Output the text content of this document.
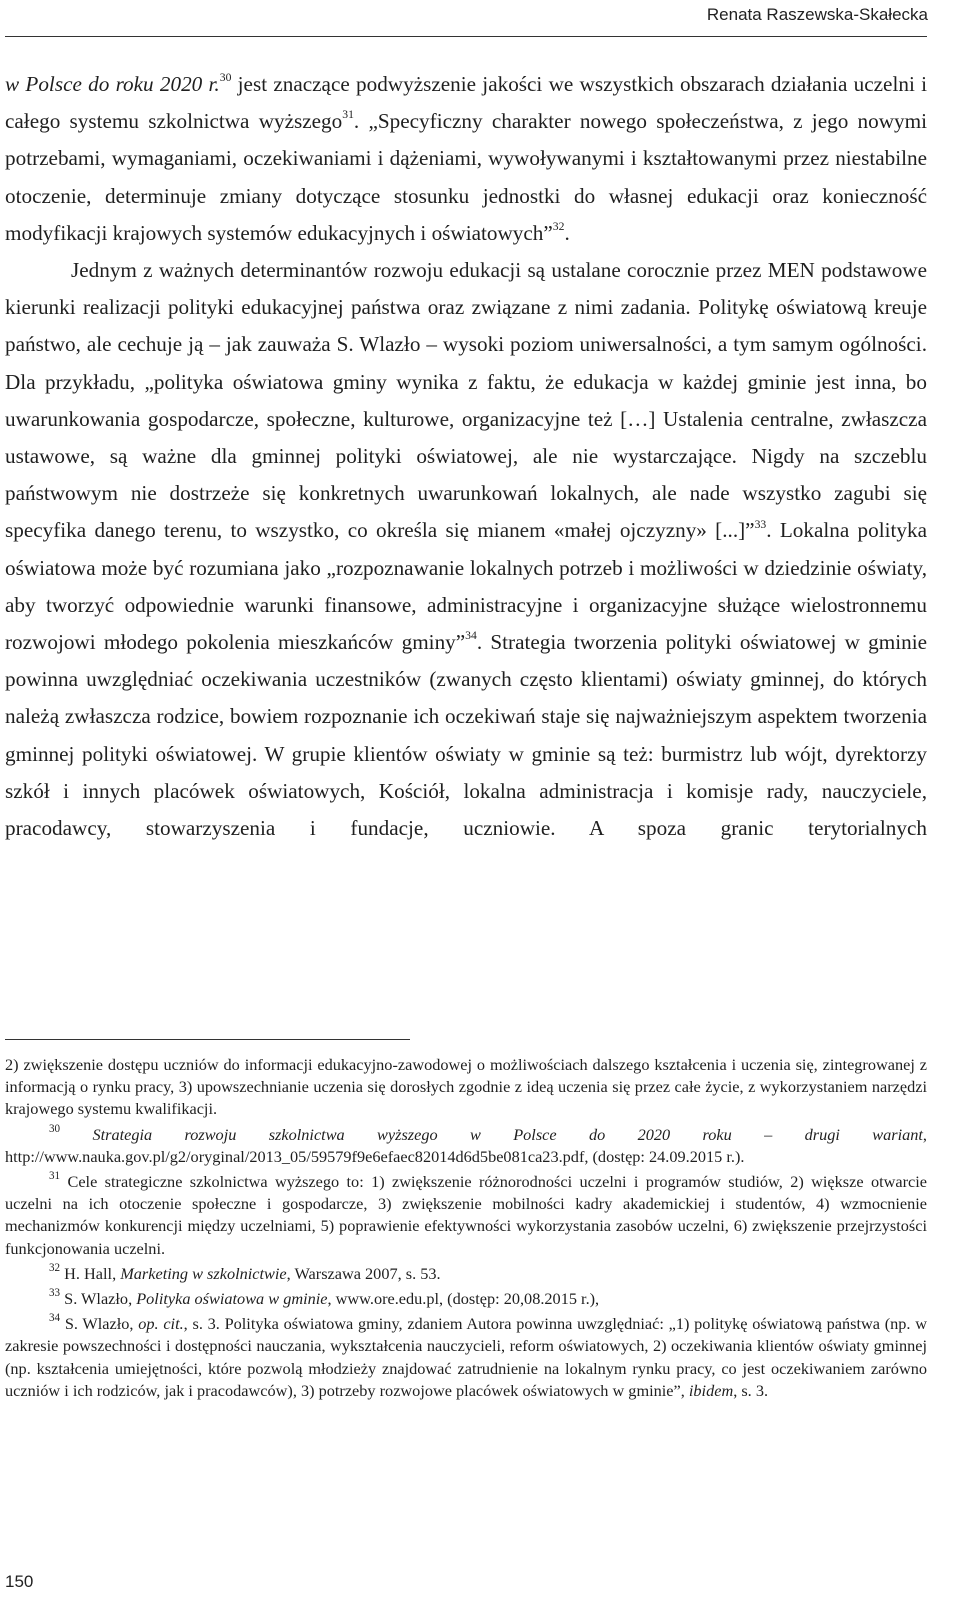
Renata Raszewska-Skałecka

w Polsce do roku 2020 r.$^{30}$ jest znaczące podwyższenie jakości we wszystkich obszarach działania uczelni i całego systemu szkolnictwa wyższego$^{31}$. „Specyficzny charakter nowego społeczeństwa, z jego nowymi potrzebami, wymaganiami, oczekiwaniami i dążeniami, wywoływanymi i kształtowanymi przez niestabilne otoczenie, determinuje zmiany dotyczące stosunku jednostki do własnej edukacji oraz konieczność modyfikacji krajowych systemów edukacyjnych i oświatowych”$^{32}$.

Jednym z ważnych determinantów rozwoju edukacji są ustalane corocznie przez MEN podstawowe kierunki realizacji polityki edukacyjnej państwa oraz związane z nimi zadania. Politykę oświatową kreuje państwo, ale cechuje ją – jak zauważa S. Wlazło – wysoki poziom uniwersalności, a tym samym ogólności. Dla przykładu, „polityka oświatowa gminy wynika z faktu, że edukacja w każdej gminie jest inna, bo uwarunkowania gospodarcze, społeczne, kulturowe, organizacyjne też […] Ustalenia centralne, zwłaszcza ustawowe, są ważne dla gminnej polityki oświatowej, ale nie wystarczające. Nigdy na szczeblu państwowym nie dostrzeże się konkretnych uwarunkowań lokalnych, ale nade wszystko zagubi się specyfika danego terenu, to wszystko, co określa się mianem «małej ojczyzny» [...]”$^{33}$. Lokalna polityka oświatowa może być rozumiana jako „rozpoznawanie lokalnych potrzeb i możliwości w dziedzinie oświaty, aby tworzyć odpowiednie warunki finansowe, administracyjne i organizacyjne służące wielostronnemu rozwojowi młodego pokolenia mieszkańców gminy”$^{34}$. Strategia tworzenia polityki oświatowej w gminie powinna uwzględniać oczekiwania uczestników (zwanych często klientami) oświaty gminnej, do których należą zwłaszcza rodzice, bowiem rozpoznanie ich oczekiwań staje się najważniejszym aspektem tworzenia gminnej polityki oświatowej. W grupie klientów oświaty w gminie są też: burmistrz lub wójt, dyrektorzy szkół i innych placówek oświatowych, Kościół, lokalna administracja i komisje rady, nauczyciele, pracodawcy, stowarzyszenia i fundacje, uczniowie. A spoza granic terytorialnych

2) zwiększenie dostępu uczniów do informacji edukacyjno-zawodowej o możliwościach dalszego kształcenia i uczenia się, zintegrowanej z informacją o rynku pracy, 3) upowszechnianie uczenia się dorosłych zgodnie z ideą uczenia się przez całe życie, z wykorzystaniem narzędzi krajowego systemu kwalifikacji.

$^{30}$ Strategia rozwoju szkolnictwa wyższego w Polsce do 2020 roku – drugi wariant, http://www.nauka.gov.pl/g2/oryginal/2013_05/59579f9e6efaec82014d6d5be081ca23.pdf, (dostęp: 24.09.2015 r.).

$^{31}$ Cele strategiczne szkolnictwa wyższego to: 1) zwiększenie różnorodności uczelni i programów studiów, 2) większe otwarcie uczelni na ich otoczenie społeczne i gospodarcze, 3) zwiększenie mobilności kadry akademickiej i studentów, 4) wzmocnienie mechanizmów konkurencji między uczelniami, 5) poprawienie efektywności wykorzystania zasobów uczelni, 6) zwiększenie przejrzystości funkcjonowania uczelni.

$^{32}$ H. Hall, Marketing w szkolnictwie, Warszawa 2007, s. 53.

$^{33}$ S. Wlazło, Polityka oświatowa w gminie, www.ore.edu.pl, (dostęp: 20,08.2015 r.),

$^{34}$ S. Wlazło, op. cit., s. 3. Polityka oświatowa gminy, zdaniem Autora powinna uwzględniać: „1) politykę oświatową państwa (np. w zakresie powszechności i dostępności nauczania, wykształcenia nauczycieli, reform oświatowych, 2) oczekiwania klientów oświaty gminnej (np. kształcenia umiejętności, które pozwolą młodzieży znajdować zatrudnienie na lokalnym rynku pracy, co jest oczekiwaniem zarówno uczniów i ich rodziców, jak i pracodawców), 3) potrzeby rozwojowe placówek oświatowych w gminie”, ibidem, s. 3.

150
